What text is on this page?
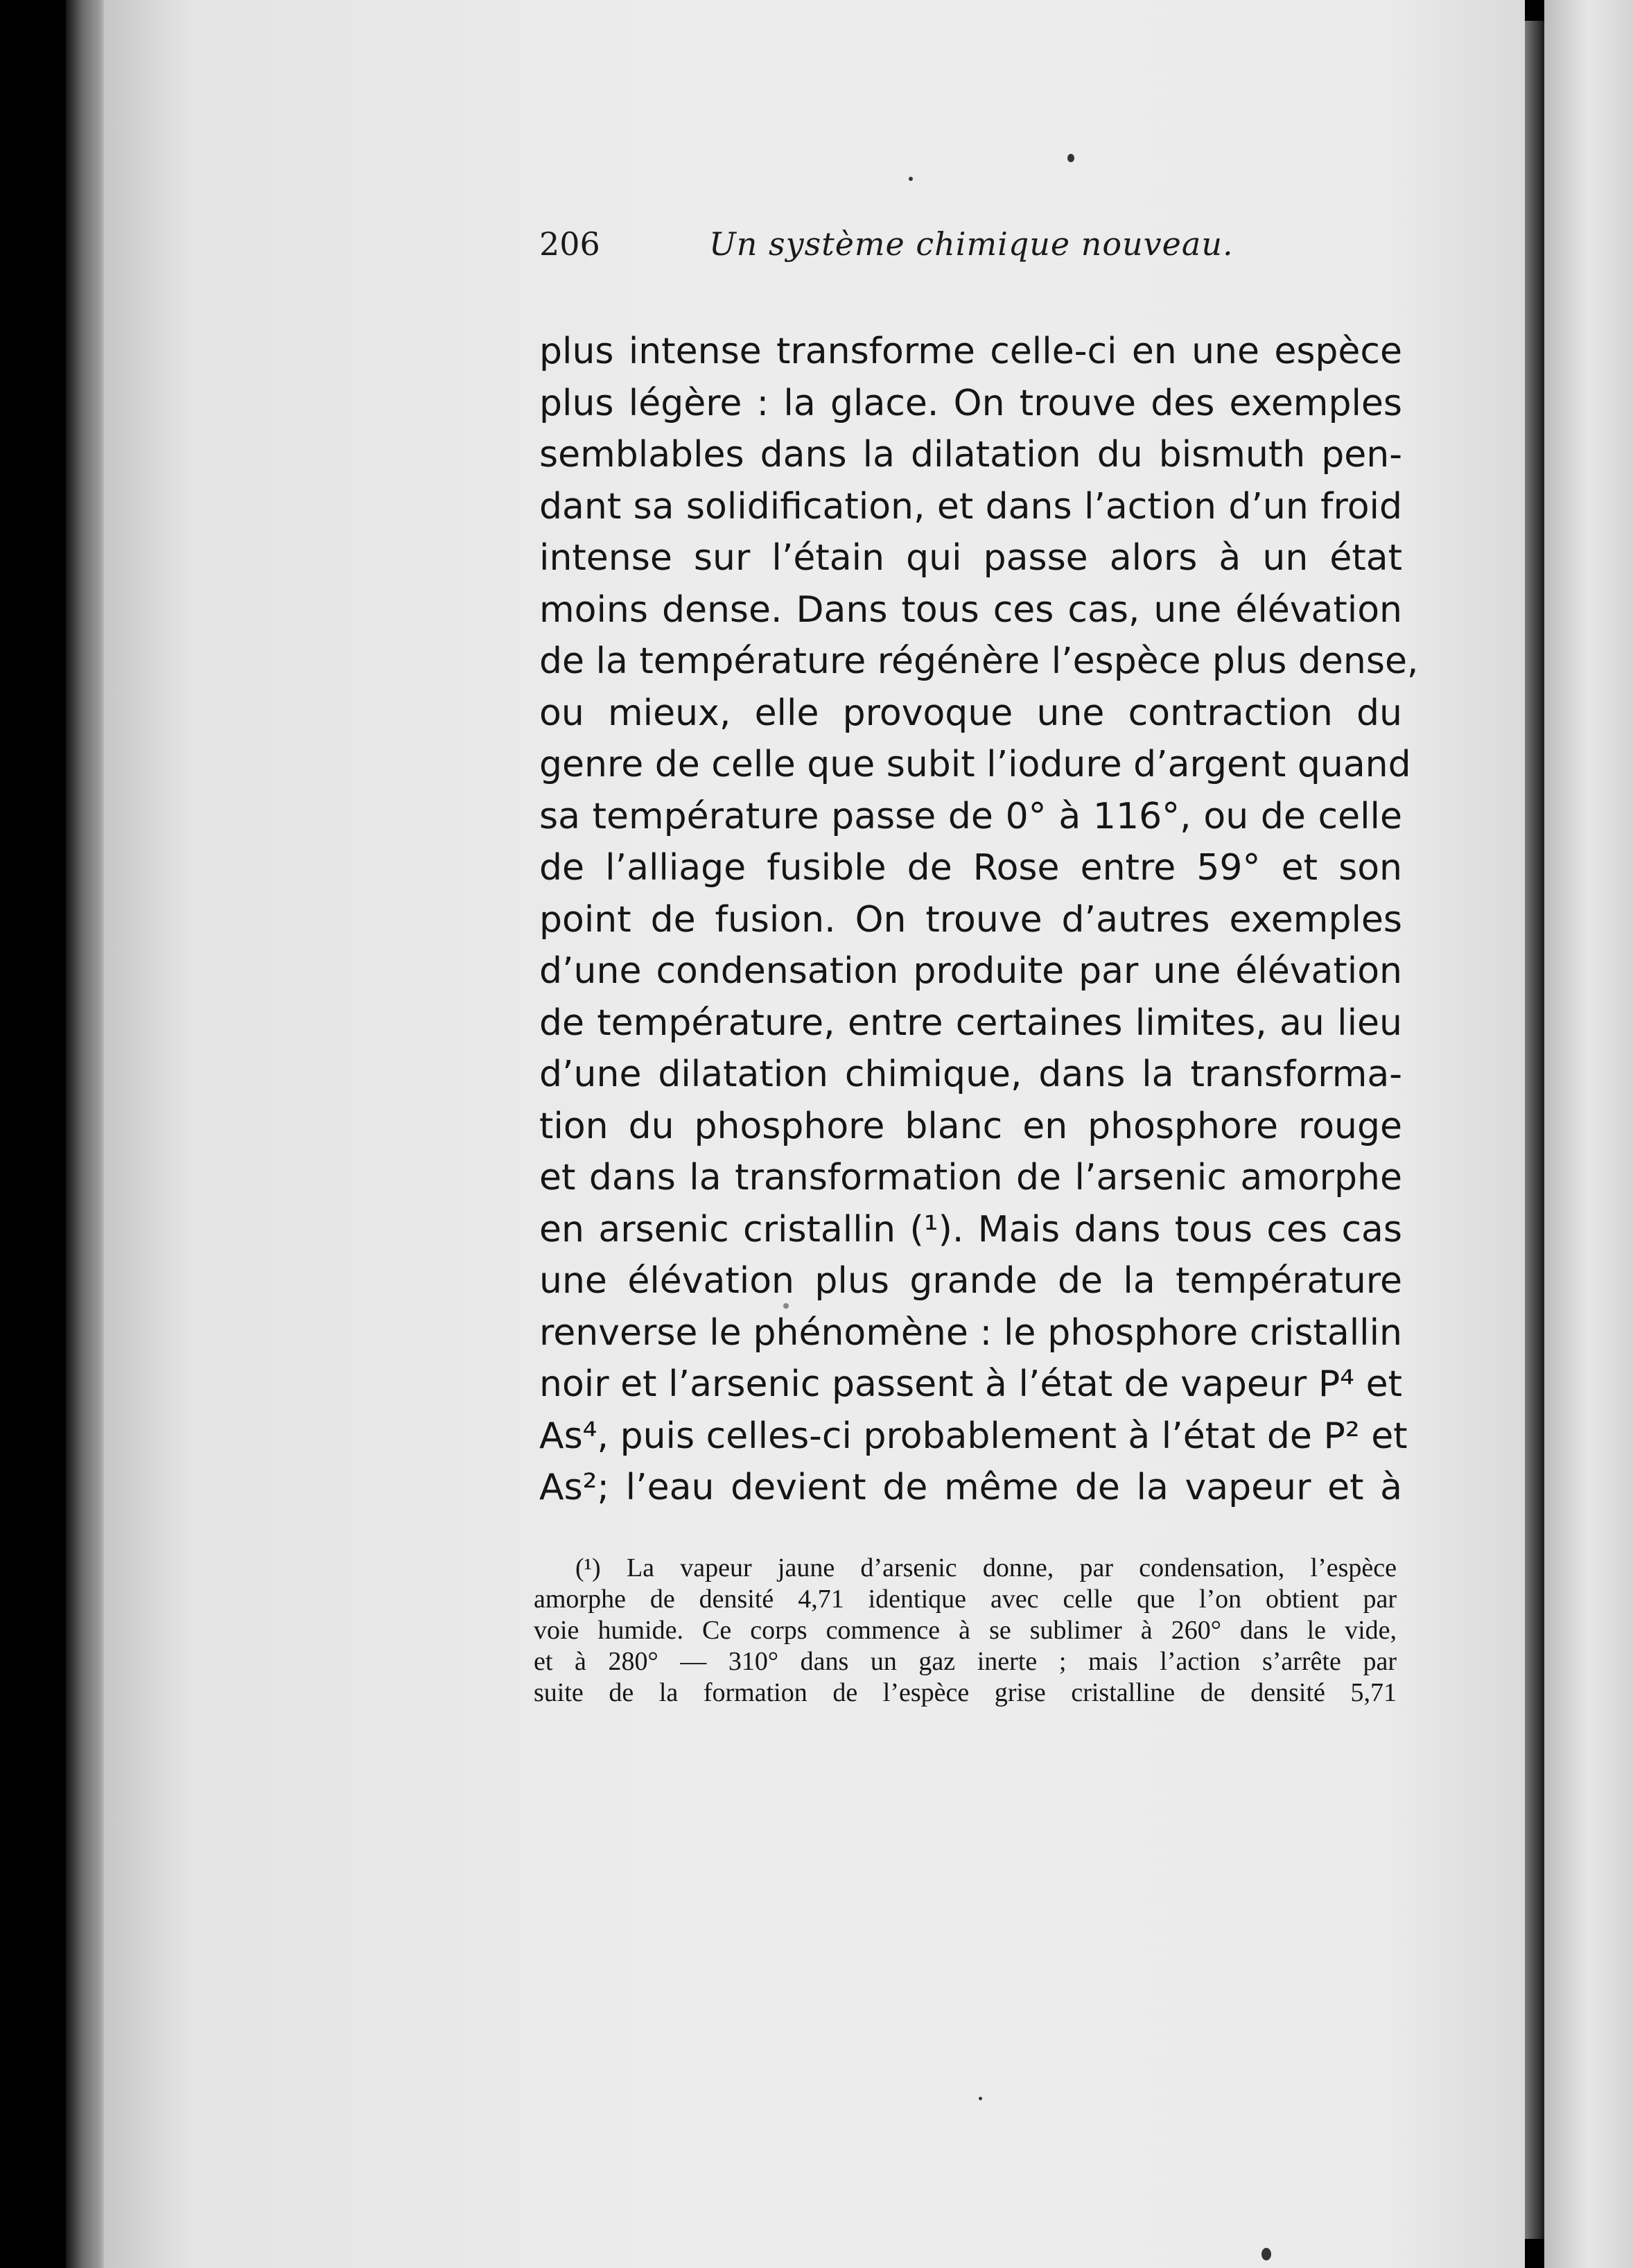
206	Un système chimique nouveau.
plus intense transforme celle-ci en une espèce
plus légère : la glace. On trouve des exemples
semblables dans la dilatation du bismuth pen-
dant sa solidification, et dans l’action d’un froid
intense sur l’étain qui passe alors à un état
moins dense. Dans tous ces cas, une élévation
de la température régénère l’espèce plus dense,
ou mieux, elle provoque une contraction du
genre de celle que subit l’iodure d’argent quand
sa température passe de 0° à 116°, ou de celle
de l’alliage fusible de Rose entre 59° et son
point de fusion. On trouve d’autres exemples
d’une condensation produite par une élévation
de température, entre certaines limites, au lieu
d’une dilatation chimique, dans la transforma-
tion du phosphore blanc en phosphore rouge
et dans la transformation de l’arsenic amorphe
en arsenic cristallin (¹). Mais dans tous ces cas
une élévation plus grande de la température
renverse le phénomène : le phosphore cristallin
noir et l’arsenic passent à l’état de vapeur P⁴ et
As⁴, puis celles-ci probablement à l’état de P² et
As²; l’eau devient de même de la vapeur et à
(¹) La vapeur jaune d’arsenic donne, par condensation, l’espèce
amorphe de densité 4,71 identique avec celle que l’on obtient par
voie humide. Ce corps commence à se sublimer à 260° dans le vide,
et à 280° — 310° dans un gaz inerte ; mais l’action s’arrête par
suite de la formation de l’espèce grise cristalline de densité 5,71
